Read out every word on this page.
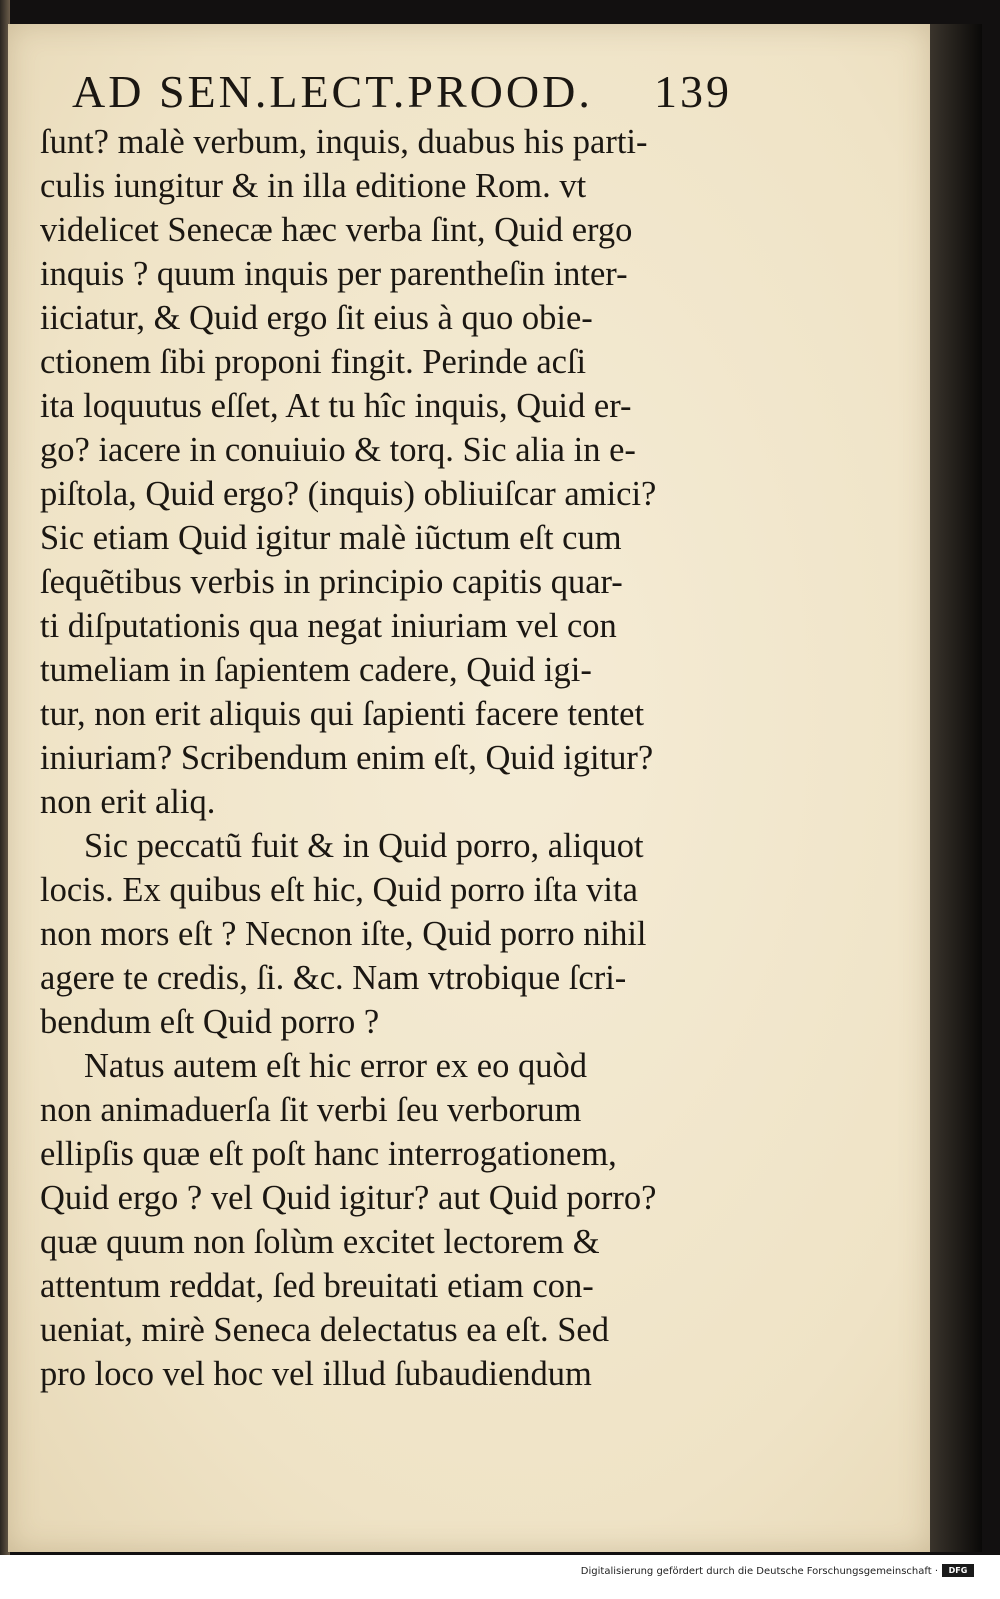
AD SEN.LECT.PROOD. 139
ſunt? malè verbum, inquis, duabus his parti-
culis iungitur & in illa editione Rom. vt
videlicet Senecæ hæc verba ſint, Quid ergo
inquis ? quum inquis per parentheſin inter-
iiciatur, & Quid ergo ſit eius à quo obie-
ctionem ſibi proponi fingit. Perinde acſi
ita loquutus eſſet, At tu hîc inquis, Quid er-
go? iacere in conuiuio & torq. Sic alia in e-
piſtola, Quid ergo? (inquis) obliuiſcar amici?
Sic etiam Quid igitur malè iũctum eſt cum
ſequẽtibus verbis in principio capitis quar-
ti diſputationis qua negat iniuriam vel con
tumeliam in ſapientem cadere, Quid igi-
tur, non erit aliquis qui ſapienti facere tentet
iniuriam? Scribendum enim eſt, Quid igitur?
non erit aliq.
Sic peccatũ fuit & in Quid porro, aliquot
locis. Ex quibus eſt hic, Quid porro iſta vita
non mors eſt ? Necnon iſte, Quid porro nihil
agere te credis, ſi. &c. Nam vtrobique ſcri-
bendum eſt Quid porro ?
Natus autem eſt hic error ex eo quòd
non animaduerſa ſit verbi ſeu verborum
ellipſis quæ eſt poſt hanc interrogationem,
Quid ergo ? vel Quid igitur? aut Quid porro?
quæ quum non ſolùm excitet lectorem &
attentum reddat, ſed breuitati etiam con-
ueniat, mirè Seneca delectatus ea eſt. Sed
pro loco vel hoc vel illud ſubaudiendum
Digitalisierung gefördert durch die Deutsche Forschungsgemeinschaft ·	DFG
